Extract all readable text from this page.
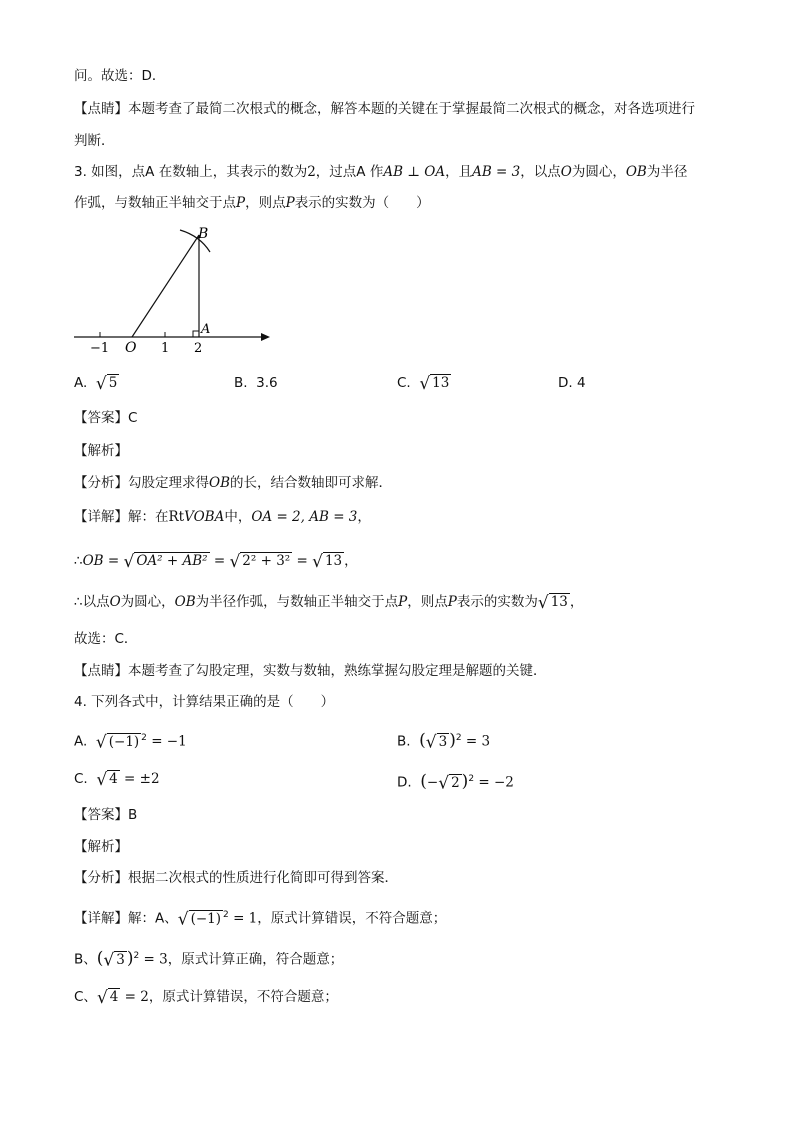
问。故选：D．
【点睛】本题考查了最简二次根式的概念，解答本题的关键在于掌握最简二次根式的概念，对各选项进行
判断．
3. 如图，点A 在数轴上，其表示的数为2，过点A 作AB ⊥ OA，且AB = 3，以点O为圆心，OB为半径
作弧，与数轴正半轴交于点P，则点P表示的实数为（　　）
B
A
O
−1	1 2
A. √ 5	B. 3.6	C. √ 13	D. 4
【答案】C
【解析】
【分析】勾股定理求得OB的长，结合数轴即可求解．
【详解】解：在RtVOBA中，OA = 2, AB = 3，
∴OB = √ OA² + AB² = √ 2² + 3² = √ 13 ，
∴以点O为圆心，OB为半径作弧，与数轴正半轴交于点P，则点P表示的实数为√ 13 ，
故选：C．
【点睛】本题考查了勾股定理，实数与数轴，熟练掌握勾股定理是解题的关键．
4. 下列各式中，计算结果正确的是（　　）
A. √ (−1) $^2$ = −1	B. (√ 3 )$^2$ = 3
C. √ 4 = ±2	D. (−√ 2 )$^2$ = −2
【答案】B
【解析】
【分析】根据二次根式的性质进行化简即可得到答案．
【详解】解：A、√ (−1) $^2$ = 1，原式计算错误，不符合题意；
B、(√ 3 )$^2$ = 3，原式计算正确，符合题意；
C、√ 4 = 2，原式计算错误，不符合题意；
